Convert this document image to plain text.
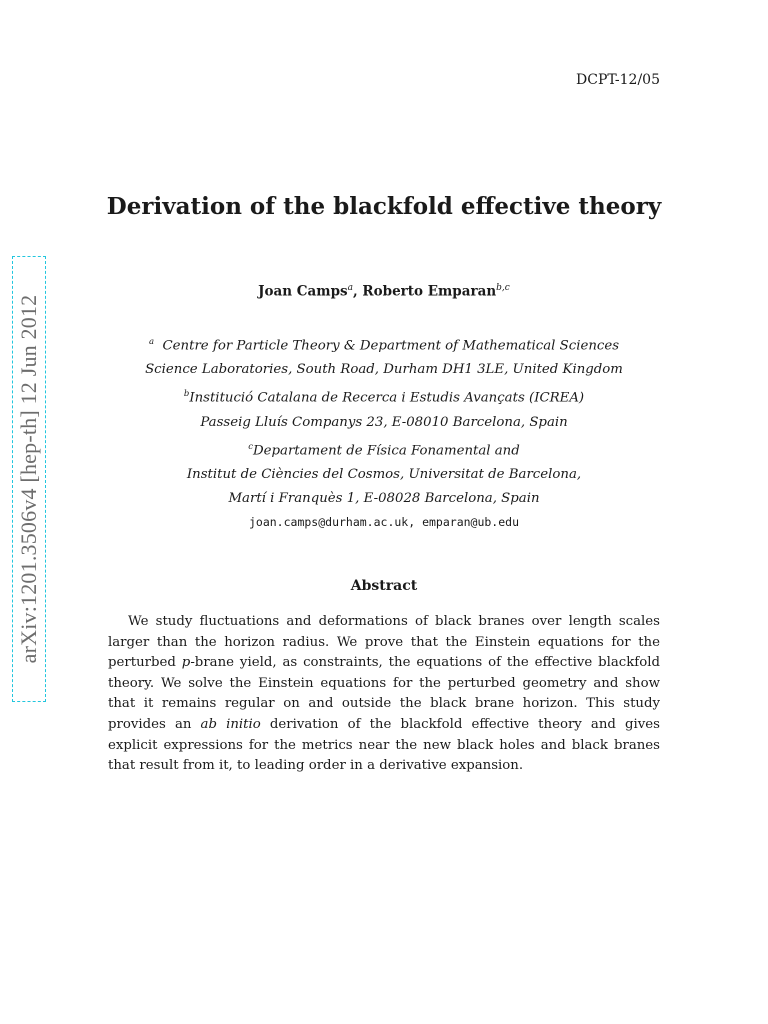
DCPT-12/05
arXiv:1201.3506v4 [hep-th] 12 Jun 2012
Derivation of the blackfold effective theory
Joan Camps$^a$, Roberto Emparan$^{b,c}$
$^a$ Centre for Particle Theory & Department of Mathematical Sciences
Science Laboratories, South Road, Durham DH1 3LE, United Kingdom
$^b$Institució Catalana de Recerca i Estudis Avançats (ICREA)
Passeig Lluís Companys 23, E-08010 Barcelona, Spain
$^c$Departament de Física Fonamental and
Institut de Ciències del Cosmos, Universitat de Barcelona,
Martí i Franquès 1, E-08028 Barcelona, Spain
joan.camps@durham.ac.uk, emparan@ub.edu
Abstract

We study fluctuations and deformations of black branes over length scales larger than the horizon radius. We prove that the Einstein equations for the perturbed p-brane yield, as constraints, the equations of the effective blackfold theory. We solve the Einstein equations for the perturbed geometry and show that it remains regular on and outside the black brane horizon. This study provides an ab initio derivation of the blackfold effective theory and gives explicit expressions for the metrics near the new black holes and black branes that result from it, to leading order in a derivative expansion.
